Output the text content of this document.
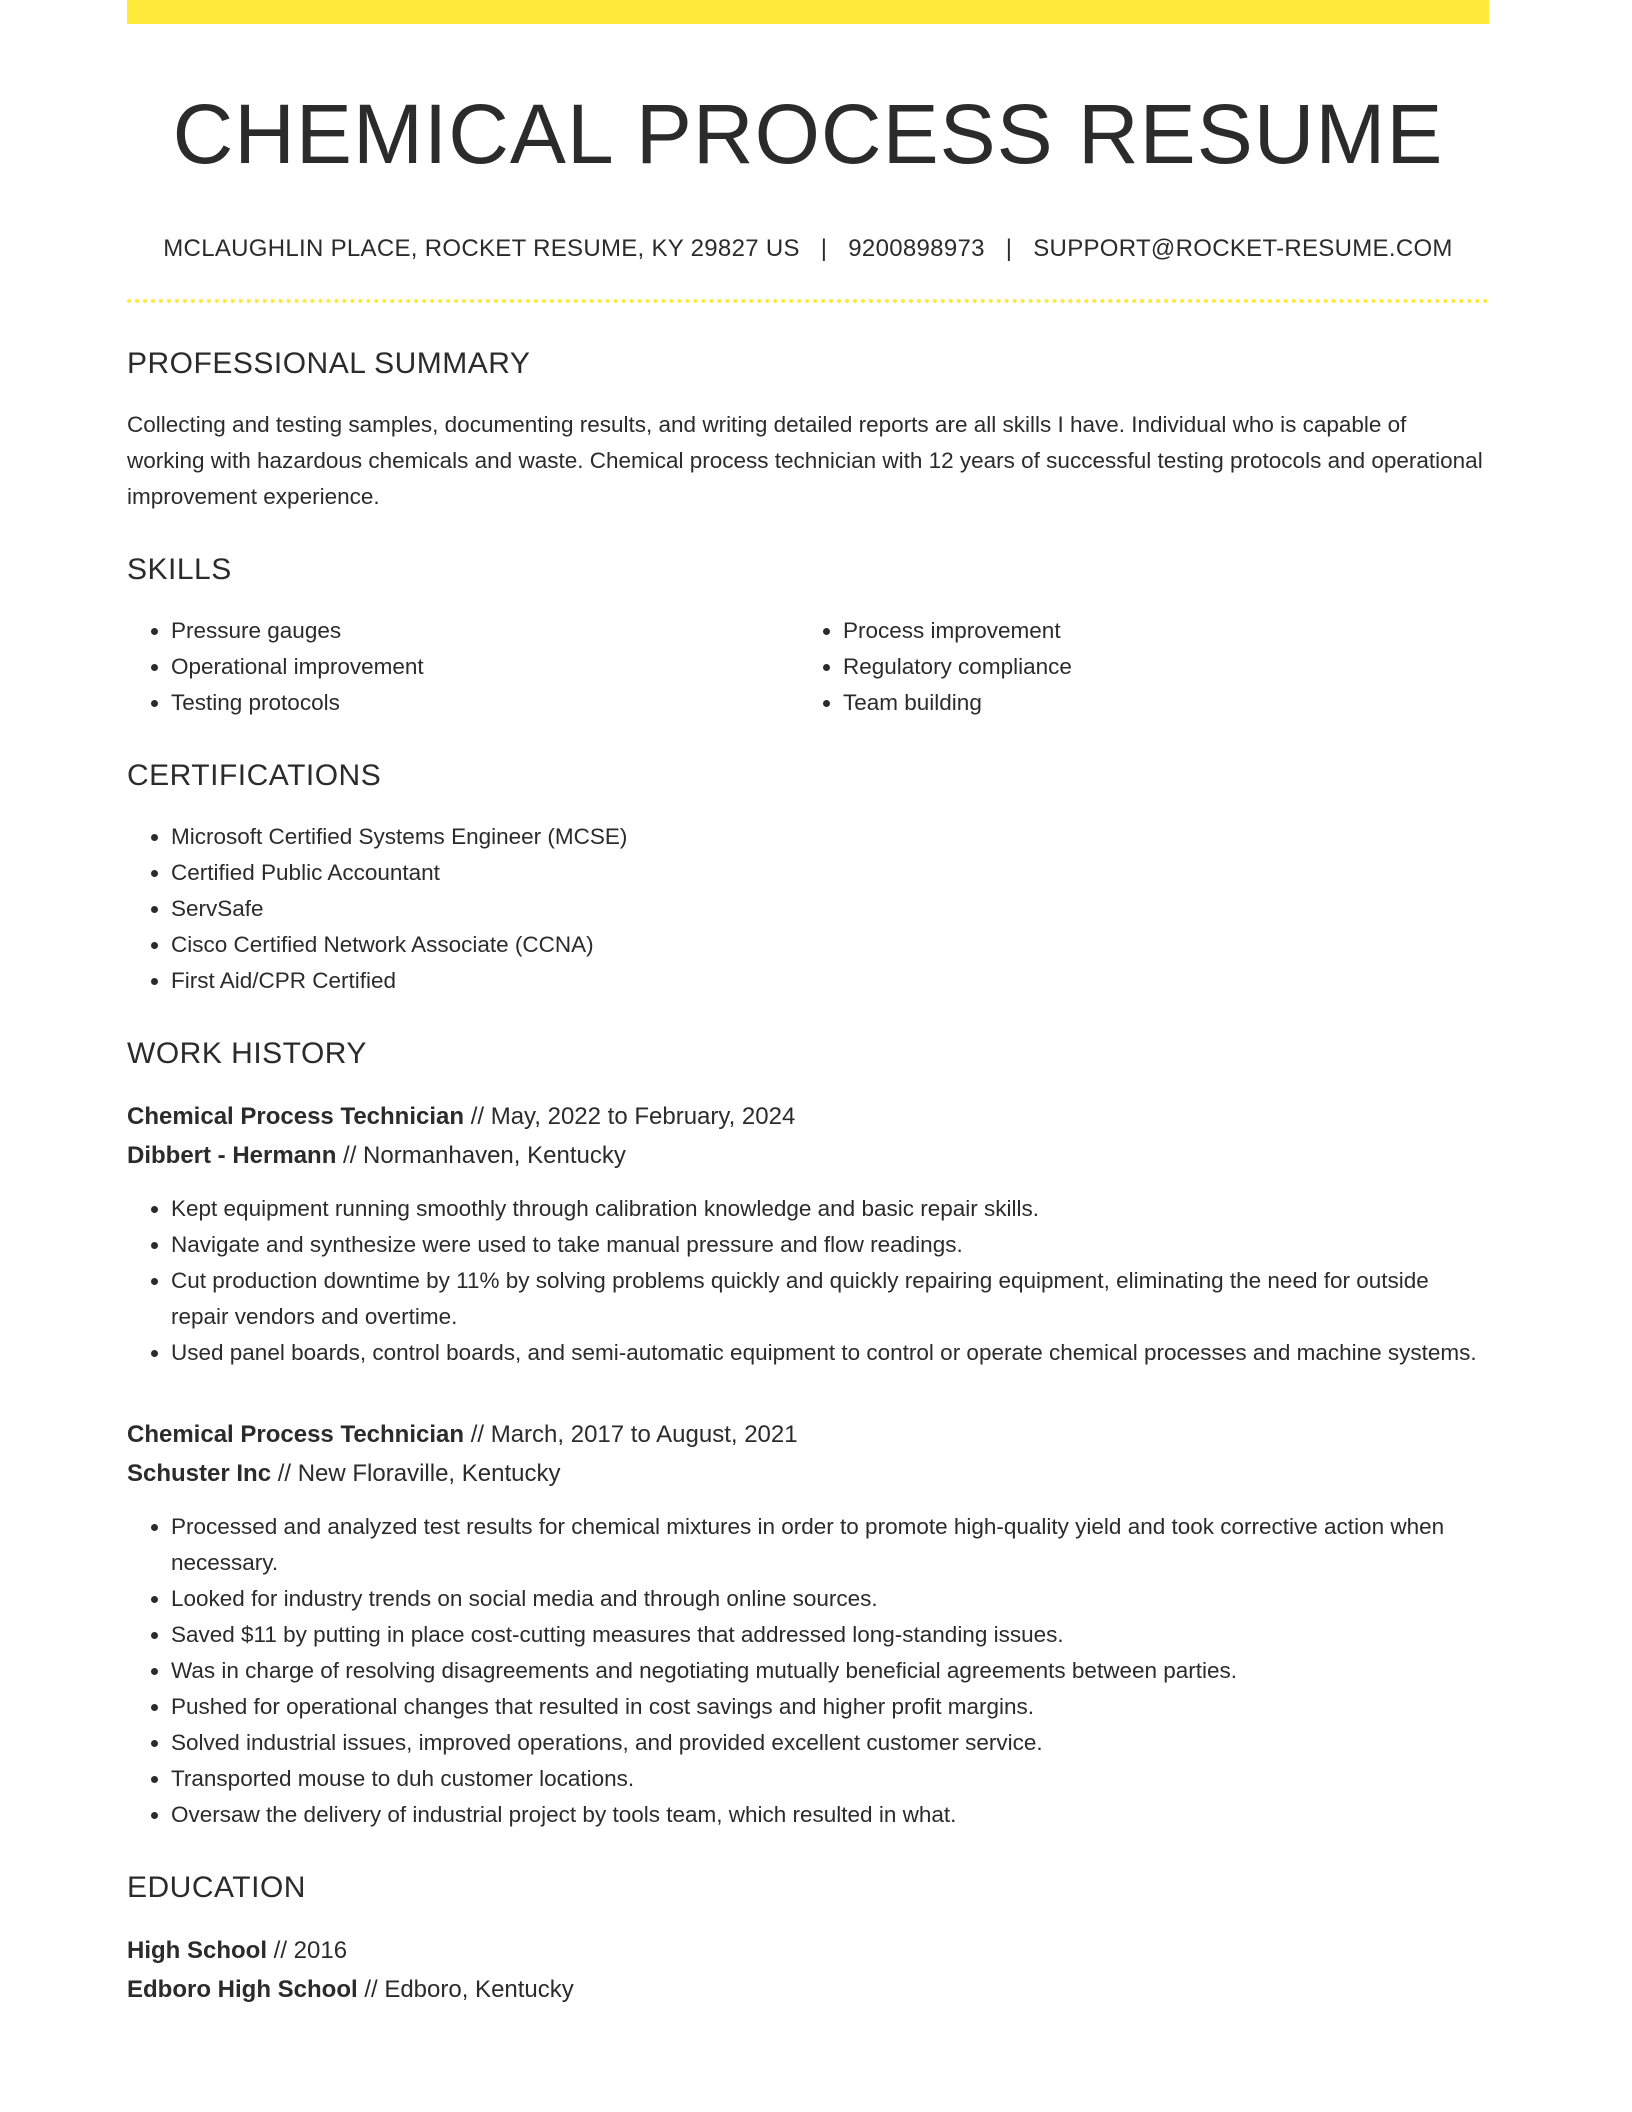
CHEMICAL PROCESS RESUME
MCLAUGHLIN PLACE, ROCKET RESUME, KY 29827 US | 9200898973 | SUPPORT@ROCKET-RESUME.COM
PROFESSIONAL SUMMARY

Collecting and testing samples, documenting results, and writing detailed reports are all skills I have. Individual who is capable of working with hazardous chemicals and waste. Chemical process technician with 12 years of successful testing protocols and operational improvement experience.

SKILLS
• Pressure gauges
• Operational improvement
• Testing protocols
• Process improvement
• Regulatory compliance
• Team building
CERTIFICATIONS
• Microsoft Certified Systems Engineer (MCSE)
• Certified Public Accountant
• ServSafe
• Cisco Certified Network Associate (CCNA)
• First Aid/CPR Certified
WORK HISTORY
Chemical Process Technician // May, 2022 to February, 2024
Dibbert - Hermann // Normanhaven, Kentucky
• Kept equipment running smoothly through calibration knowledge and basic repair skills.
• Navigate and synthesize were used to take manual pressure and flow readings.
• Cut production downtime by 11% by solving problems quickly and quickly repairing equipment, eliminating the need for outside repair vendors and overtime.
• Used panel boards, control boards, and semi-automatic equipment to control or operate chemical processes and machine systems.
Chemical Process Technician // March, 2017 to August, 2021
Schuster Inc // New Floraville, Kentucky
• Processed and analyzed test results for chemical mixtures in order to promote high-quality yield and took corrective action when necessary.
• Looked for industry trends on social media and through online sources.
• Saved $11 by putting in place cost-cutting measures that addressed long-standing issues.
• Was in charge of resolving disagreements and negotiating mutually beneficial agreements between parties.
• Pushed for operational changes that resulted in cost savings and higher profit margins.
• Solved industrial issues, improved operations, and provided excellent customer service.
• Transported mouse to duh customer locations.
• Oversaw the delivery of industrial project by tools team, which resulted in what.
EDUCATION
High School // 2016
Edboro High School // Edboro, Kentucky
